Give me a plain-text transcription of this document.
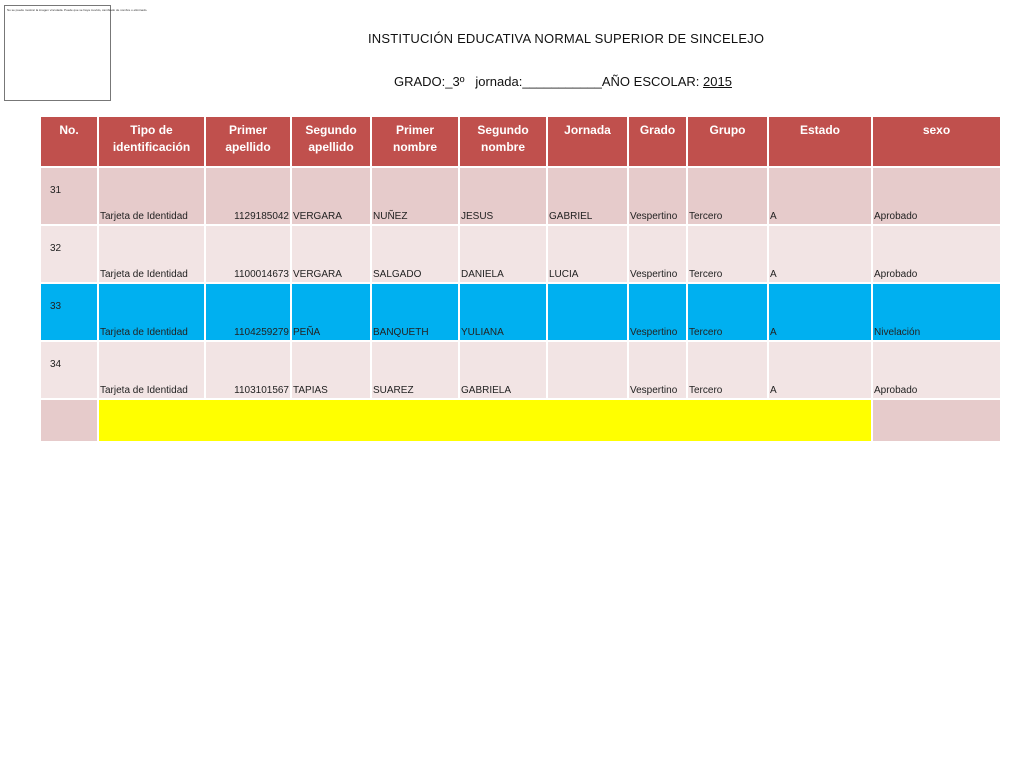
No se puede mostrar la imagen vinculada. Puede que se haya movido, cambiado de nombre o eliminado.
INSTITUCIÓN EDUCATIVA NORMAL SUPERIOR DE SINCELEJO
GRADO:_3º jornada:___________AÑO ESCOLAR: 2015
No.	Tipo de identificación	Primer apellido	Segundo apellido	Primer nombre	Segundo nombre	Jornada	Grado	Grupo	Estado	sexo
31	Tarjeta de Identidad	1129185042	VERGARA	NUÑEZ	JESUS	GABRIEL	Vespertino	Tercero	A	Aprobado
32	Tarjeta de Identidad	1100014673	VERGARA	SALGADO	DANIELA	LUCIA	Vespertino	Tercero	A	Aprobado
33	Tarjeta de Identidad	1104259279	PEÑA	BANQUETH	YULIANA		Vespertino	Tercero	A	Nivelación
34	Tarjeta de Identidad	1103101567	TAPIAS	SUAREZ	GABRIELA		Vespertino	Tercero	A	Aprobado
